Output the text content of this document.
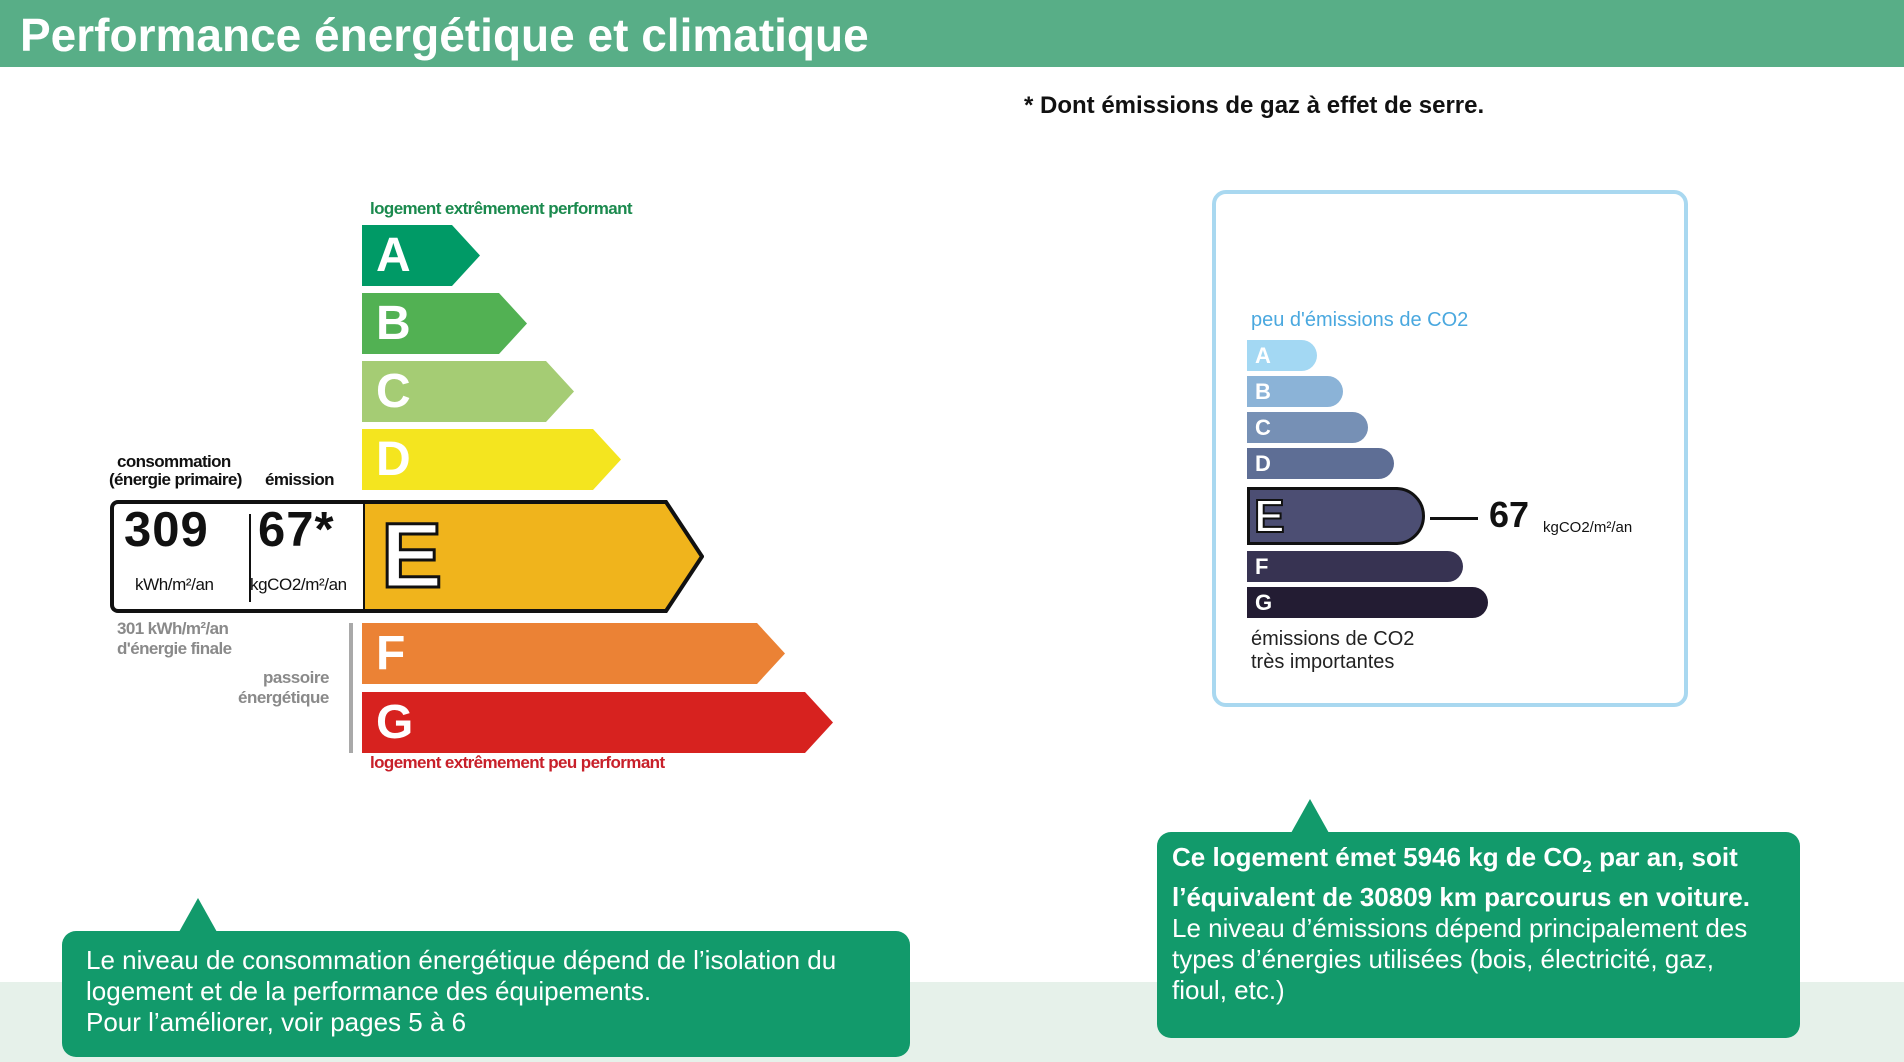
Performance énergétique et climatique
* Dont émissions de gaz à effet de serre.
logement extrêmement performant
A
B
C
D
E
F
G
consommation
(énergie primaire) émission
309
kWh/m²/an
67*
kgCO2/m²/an
301 kWh/m²/an
d'énergie finale
passoire
énergétique
logement extrêmement peu performant
peu d'émissions de CO2
A
B
C
D
E
F
G
67 kgCO2/m²/an
émissions de CO2
très importantes

Le niveau de consommation énergétique dépend de l’isolation du

logement et de la performance des équipements.

Pour l’améliorer, voir pages 5 à 6

Ce logement émet 5946 kg de $CO_2$ par an, soit

l’équivalent de 30809 km parcourus en voiture.

Le niveau d’émissions dépend principalement des

types d’énergies utilisées (bois, électricité, gaz,

fioul, etc.)
